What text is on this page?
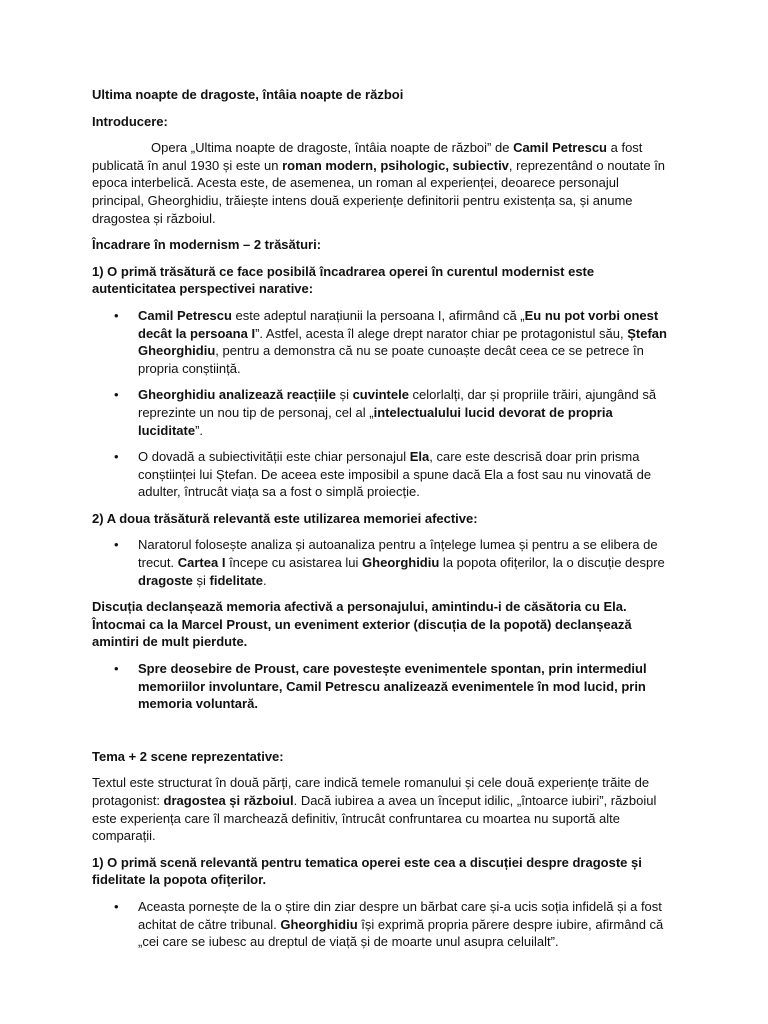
Ultima noapte de dragoste, întâia noapte de război

Introducere:

Opera „Ultima noapte de dragoste, întâia noapte de război” de Camil Petrescu a fost publicată în anul 1930 și este un roman modern, psihologic, subiectiv, reprezentând o noutate în epoca interbelică. Acesta este, de asemenea, un roman al experienței, deoarece personajul principal, Gheorghidiu, trăiește intens două experiențe definitorii pentru existența sa, și anume dragostea și războiul.

Încadrare în modernism – 2 trăsături:

1) O primă trăsătură ce face posibilă încadrarea operei în curentul modernist este autenticitatea perspectivei narative:

• Camil Petrescu este adeptul narațiunii la persoana I, afirmând că „Eu nu pot vorbi onest decât la persoana I”. Astfel, acesta îl alege drept narator chiar pe protagonistul său, Ștefan Gheorghidiu, pentru a demonstra că nu se poate cunoaște decât ceea ce se petrece în propria conștiință.
• Gheorghidiu analizează reacțiile și cuvintele celorlalți, dar și propriile trăiri, ajungând să reprezinte un nou tip de personaj, cel al „intelectualului lucid devorat de propria luciditate”.
• O dovadă a subiectivității este chiar personajul Ela, care este descrisă doar prin prisma conștiinței lui Ștefan. De aceea este imposibil a spune dacă Ela a fost sau nu vinovată de adulter, întrucât viața sa a fost o simplă proiecție.

2) A doua trăsătură relevantă este utilizarea memoriei afective:

• Naratorul folosește analiza și autoanaliza pentru a înțelege lumea și pentru a se elibera de trecut. Cartea I începe cu asistarea lui Gheorghidiu la popota ofițerilor, la o discuție despre dragoste și fidelitate.

Discuția declanșează memoria afectivă a personajului, amintindu-i de căsătoria cu Ela. Întocmai ca la Marcel Proust, un eveniment exterior (discuția de la popotă) declanșează amintiri de mult pierdute.

• Spre deosebire de Proust, care povestește evenimentele spontan, prin intermediul memoriilor involuntare, Camil Petrescu analizează evenimentele în mod lucid, prin memoria voluntară.

Tema + 2 scene reprezentative:

Textul este structurat în două părți, care indică temele romanului și cele două experiențe trăite de protagonist: dragostea și războiul. Dacă iubirea a avea un început idilic, „întoarce iubiri”, războiul este experiența care îl marchează definitiv, întrucât confruntarea cu moartea nu suportă alte comparații.

1) O primă scenă relevantă pentru tematica operei este cea a discuției despre dragoste și fidelitate la popota ofițerilor.

• Aceasta pornește de la o știre din ziar despre un bărbat care și-a ucis soția infidelă și a fost achitat de către tribunal. Gheorghidiu își exprimă propria părere despre iubire, afirmând că „cei care se iubesc au dreptul de viață și de moarte unul asupra celuilalt”.
